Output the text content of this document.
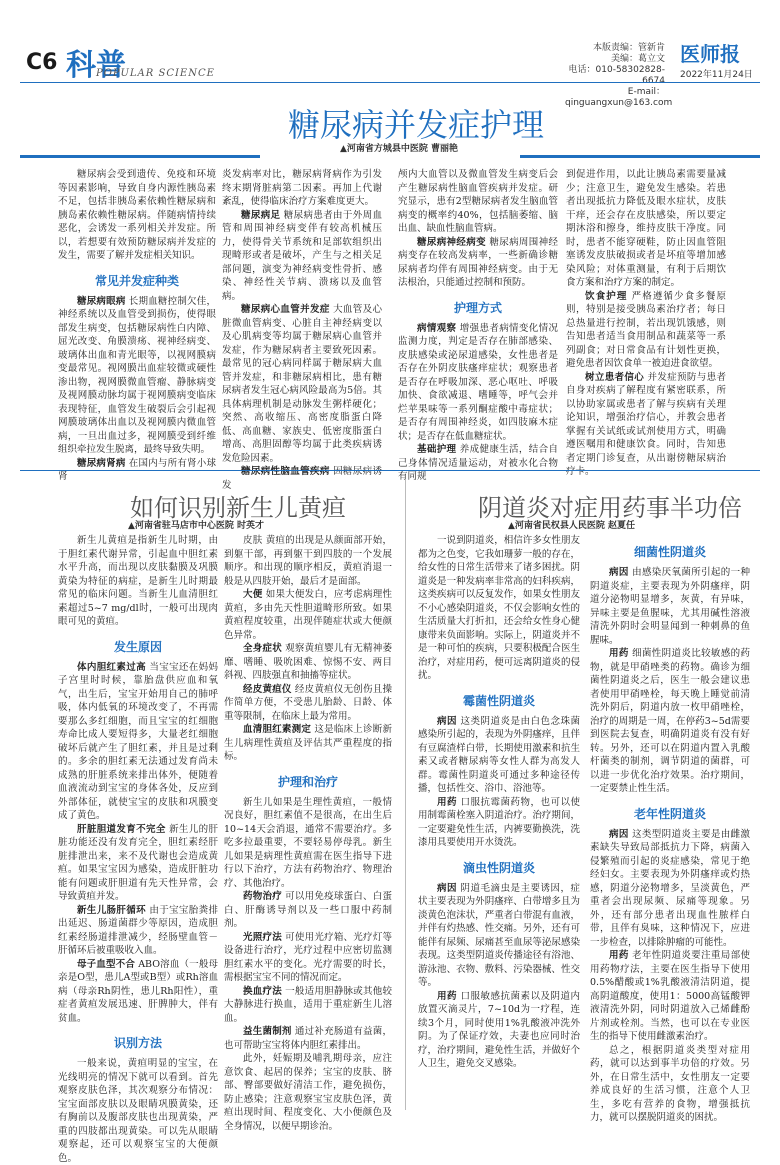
C6 科普
POPULAR SCIENCE
本版责编：管新肯
美编：葛立文
电话：010-58302828-6674
E-mail：qinguangxun@163.com
医师报
2022年11月24日
糖尿病并发症护理
▲河南省方城县中医院 曹丽艳

糖尿病会受到遗传、免疫和环境等因素影响，导致自身内源性胰岛素不足，包括非胰岛素依赖性糖尿病和胰岛素依赖性糖尿病。伴随病情持续恶化，会诱发一系列相关并发症。所以，若想要有效预防糖尿病并发症的发生，需要了解并发症相关知识。

常见并发症种类

糖尿病眼病 长期血糖控制欠佳，神经系统以及血管受到损伤，使得眼部发生病变，包括糖尿病性白内障、屈光改变、角膜溃疡、视神经病变、玻璃体出血和青光眼等，以视网膜病变最常见。视网膜出血症较微或硬性渗出物，视网膜微血管瘤、静脉病变及视网膜动脉均属于视网膜病变临床表现特征，血管发生破裂后会引起视网膜玻璃体出血以及视网膜内微血管病，一旦出血过多，视网膜受到纤维组织牵拉发生脱离，最终导致失明。

糖尿病肾病 在国内与所有肾小球肾

炎发病率对比，糖尿病肾病作为引发终末期肾脏病第二因素。再加上代谢紊乱，使得临床治疗方案难度更大。

糖尿病足 糖尿病患者由于外周血管和周围神经病变伴有较高机械压力，使得骨关节系统和足部软组织出现畸形或者是破坏，产生与之相关足部问题，演变为神经病变性骨折、感染、神经性关节病、溃疡以及血管病。

糖尿病心血管并发症 大血管及心脏微血管病变、心脏自主神经病变以及心肌病变等均属于糖尿病心血管并发症，作为糖尿病者主要致死因素。最常见的冠心病同样属于糖尿病大血管并发症，和非糖尿病相比，患有糖尿病者发生冠心病风险最高为5倍。其具体病理机制是动脉发生粥样硬化；突然、高收缩压、高密度脂蛋白降低、高血糖、家族史、低密度脂蛋白增高、高胆固醇等均属于此类疾病诱发危险因素。

糖尿病性脑血管疾病 因糖尿病诱发

颅内大血管以及微血管发生病变后会产生糖尿病性脑血管疾病并发症。研究显示，患有2型糖尿病者发生脑血管病变的概率约40%，包括脑萎缩、脑出血、缺血性脑血管病。

糖尿病神经病变 糖尿病周围神经病变存在较高发病率，一些新确诊糖尿病者均伴有周围神经病变。由于无法根治，只能通过控制和预防。

护理方式

病情观察 增强患者病情变化情况监测力度，判定是否存在肺部感染、皮肤感染或泌尿道感染，女性患者是否存在外阴皮肤瘙痒症状；观察患者是否存在呼吸加深、恶心呕吐、呼吸加快、食欲减退、嗜睡等，呼气会并烂苹果味等一系列酮症酸中毒症状；是否存有周围神经炎，如四肢麻木症状；是否存在低血糖症状。

基础护理 养成健康生活，结合自己身体情况适量运动，对被水化合物有同规

到促进作用，以此让胰岛素需要量减少；注意卫生，避免发生感染。若患者出现抵抗力降低及眼水症状，皮肤干痒，还会存在皮肤感染，所以要定期沐浴和擦身，维持皮肤干净度。同时，患者不能穿硬鞋，防止因血管阻塞诱发皮肤破损或者是坏疽等增加感染风险；对体重测量，有利于后期饮食方案和治疗方案的制定。

饮食护理 严格遵循少食多餐原则，特别是接受胰岛素治疗者；每日总热量进行控制，若出现饥饿感，则告知患者适当食用制品和蔬菜等一系列副食；对日常食品有计划性更换，避免患者因饮食单一被迫进食欲望。

树立患者信心 并发症预防与患者自身对疾病了解程度有紧密联系，所以协助家属或患者了解与疾病有关理论知识，增强治疗信心，并教会患者掌握有关试纸或试剂使用方式，明确遵医嘱用和健康饮食。同时，告知患者定期门诊复查，从出谢傍糖尿病治疗卡。

如何识别新生儿黄疸
▲河南省驻马店市中心医院 时英才

新生儿黄疸是指新生儿时期，由于胆红素代谢异常，引起血中胆红素水平升高，而出现以皮肤黏膜及巩膜黄染为特征的病症，是新生儿时期最常见的临床问题。当新生儿血清胆红素超过5~7 mg/dl时，一般可出现肉眼可见的黄疸。

发生原因

体内胆红素过高 当宝宝还在妈妈子宫里时时候，靠胎盘供应血和氧气，出生后，宝宝开始用自己的肺呼吸，体内低氧的环境改变了，不再需要那么多红细胞，而且宝宝的红细胞寿命比成人要短得多，大量老红细胞破坏后就产生了胆红素，并且是过剩的。多余的胆红素无法通过发育尚未成熟的肝脏系统来排出体外，便随着血液流动到宝宝的身体各处，反应到外部体征，就使宝宝的皮肤和巩膜变成了黄色。

肝脏胆道发育不完全 新生儿的肝脏功能还没有发育完全，胆红素经肝脏排泄出来，来不及代谢也会造成黄疸。如果宝宝因为感染，造成肝脏功能有问题或肝胆道有先天性异常，会导致黄疸并发。

新生儿肠肝循环 由于宝宝胎粪排出延迟、肠道菌群少等原因，造成胆红素经肠道排泄减少，经肠壁血管－肝循环后被重吸收入血。

母子血型不合 ABO溶血（一般母亲是O型，患儿A型或B型）或Rh溶血病（母亲Rh阴性，患儿Rh阳性），重症者黄疸发展迅速、肝脾肿大，伴有贫血。

识别方法

一般来说，黄疸明显的宝宝，在光线明亮的情况下就可以看到。首先观察皮肤色泽，其次观察分布情况：宝宝面部皮肤以及眼睛巩膜黄染，还有胸前以及腹部皮肤也出现黄染，严重的四肢都出现黄染。可以先从眼睛观察起，还可以观察宝宝的大便颜色。

皮肤 黄疸的出现是从颜面部开始，到躯干部，再到躯干到四肢的一个发展顺序。和出现的顺序相反，黄疸消退一般是从四肢开始，最后才是面部。

大便 如果大便发白，应考虑病理性黄疸，多由先天性胆道畸形所致。如果黄疸程度较重，出现伴随症状或大便颜色异常。

全身症状 观察黄疸婴儿有无精神萎靡、嗜睡、吸吮困难、惊惕不安、两目斜视、四肢强直和抽搐等症状。

经皮黄疸仪 经皮黄疸仪无创伤且操作简单方便，不受患儿胎龄、日龄、体重等限制，在临床上最为常用。

血清胆红素测定 这是临床上诊断新生儿病理性黄疸及评估其严重程度的指标。

护理和治疗

新生儿如果是生理性黄疸，一般情况良好，胆红素值不是很高，在出生后10~14天会消退，通常不需要治疗。多吃多拉最重要，不要轻易停母乳。新生儿如果是病理性黄疸需在医生指导下进行以下治疗，方法有药物治疗、物理治疗、其他治疗。

药物治疗 可以用免疫球蛋白、白蛋白、肝酶诱导剂以及一些口服中药制剂。

光照疗法 可使用光疗箱、光疗灯等设备进行治疗，光疗过程中应密切监测胆红素水平的变化。光疗需要的时长，需根据宝宝不同的情况而定。

换血疗法 一般适用胆静脉或其他较大静脉进行换血，适用于重症新生儿溶血。

益生菌制剂 通过补充肠道有益菌，也可帮助宝宝将体内胆红素排出。

此外，妊娠期及哺乳期母亲，应注意饮食、起居的保养；宝宝的皮肤、脐部、臀部要做好清洁工作，避免损伤，防止感染；注意观察宝宝皮肤色泽，黄疸出现时间、程度变化、大小便颜色及全身情况，以便早期诊治。

阴道炎对症用药事半功倍
▲河南省民权县人民医院 赵夏任

一说到阴道炎，相信许多女性朋友都为之色变，它我如珊萝一般的存在，给女性的日常生活带来了诸多困扰。阴道炎是一种发病率非常高的妇科疾病，这类疾病可以反复发作，如果女性朋友不小心感染阴道炎，不仅会影响女性的生活质量大打折扣，还会给女性身心健康带来负面影响。实际上，阴道炎并不是一种可怕的疾病，只要积极配合医生治疗，对症用药，便可远离阴道炎的侵扰。

霉菌性阴道炎

病因 这类阴道炎是由白色念珠菌感染所引起的，表现为外阴瘙痒，且伴有豆腐渣样白带，长期使用激素和抗生素又或者糖尿病等女性人群为高发人群。霉菌性阴道炎可通过多种途径传播，包括性交、浴巾、浴池等。

用药 口服抗霉菌药物，也可以使用制霉菌栓塞入阴道治疗。治疗期间，一定要避免性生活，内裤要勤换洗，洗漆用具要使用开水烫洗。

滴虫性阴道炎

病因 阴道毛滴虫是主要诱因，症状主要表现为外阴瘙痒、白带增多且为淡黄色泡沫状，严重者白带混有血液，并伴有灼热感、性交痛。另外，还有可能伴有尿频、尿痛甚至血尿等泌尿感染表现。这类型阴道炎传播途径有浴池、游泳池、衣物、敷料、污染器械、性交等。

用药 口服敏感抗菌素以及阴道内放置灭滴灵片，7~10d为一疗程，连续3个月，同时使用1%乳酸液冲洗外阴。为了保证疗效，夫妻也应同时治疗，治疗期间，避免性生活，并做好个人卫生，避免交叉感染。

细菌性阴道炎

病因 由感染厌氧菌所引起的一种阴道炎症，主要表现为外阴瘙痒，阴道分泌物明显增多，灰黄，有异味，异味主要是鱼腥味，尤其用碱性溶液清洗外阴时会明显闻到一种刺鼻的鱼腥味。

用药 细菌性阴道炎比较敏感的药物，就是甲硝唑类的药物。确诊为细菌性阴道炎之后，医生一般会建议患者使用甲硝唑栓，每天晚上睡觉前清洗外阴后，阴道内放一枚甲硝唑栓，治疗的周期是一周，在停药3~5d需要到医院去复查，明确阴道炎有没有好转。另外，还可以在阴道内置入乳酸杆菌类的制剂，调节阴道的菌群，可以进一步优化治疗效果。治疗期间，一定要禁止性生活。

老年性阴道炎

病因 这类型阴道炎主要是由雌激素缺失导致局部抵抗力下降，病菌入侵繁殖而引起的炎症感染，常见于绝经妇女。主要表现为外阴瘙痒或灼热感，阴道分泌物增多，呈淡黄色，严重者会出现尿频、尿痛等现象。另外，还有部分患者出现血性脓样白带，且伴有臭味，这种情况下，应进一步检查，以排除肿瘤的可能性。

用药 老年性阴道炎要注重局部使用药物疗法，主要在医生指导下使用0.5%醋酸或1%乳酸液清洁阴道，提高阴道酸度，使用1：5000高锰酸钾液清洗外阴，同时阴道放入己烯雌酚片剂或栓剂。当然，也可以在专业医生的指导下使用雌激素治疗。

总之，根据阴道炎类型对症用药，就可以达到事半功倍的疗效。另外，在日常生活中，女性朋友一定要养成良好的生活习惯，注意个人卫生，多吃有营养的食物，增强抵抗力，就可以摆脱阴道炎的困扰。
